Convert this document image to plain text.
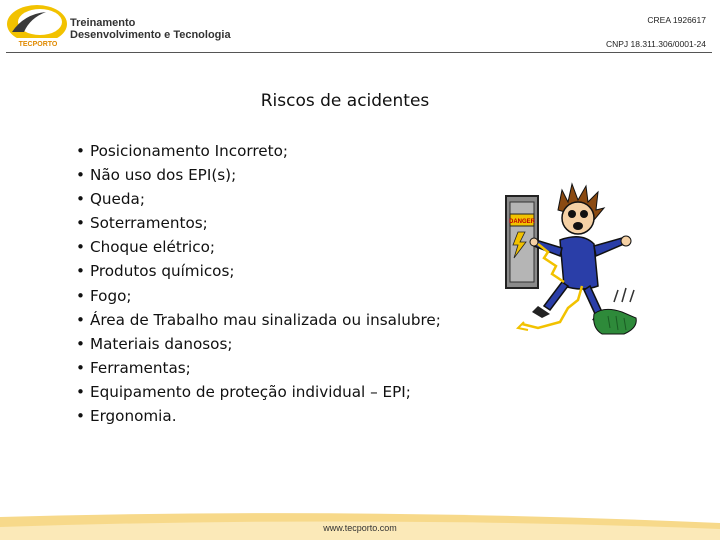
TECPORTO
Treinamento
Desenvolvimento e Tecnologia
CREA 1926617
CNPJ 18.311.306/0001-24
Riscos de acidentes
• Posicionamento Incorreto;
• Não uso dos EPI(s);
• Queda;
• Soterramentos;
• Choque elétrico;
• Produtos químicos;
• Fogo;
• Área de Trabalho mau sinalizada ou insalubre;
• Materiais danosos;
• Ferramentas;
• Equipamento de proteção individual – EPI;
• Ergonomia.
DANGER
www.tecporto.com
